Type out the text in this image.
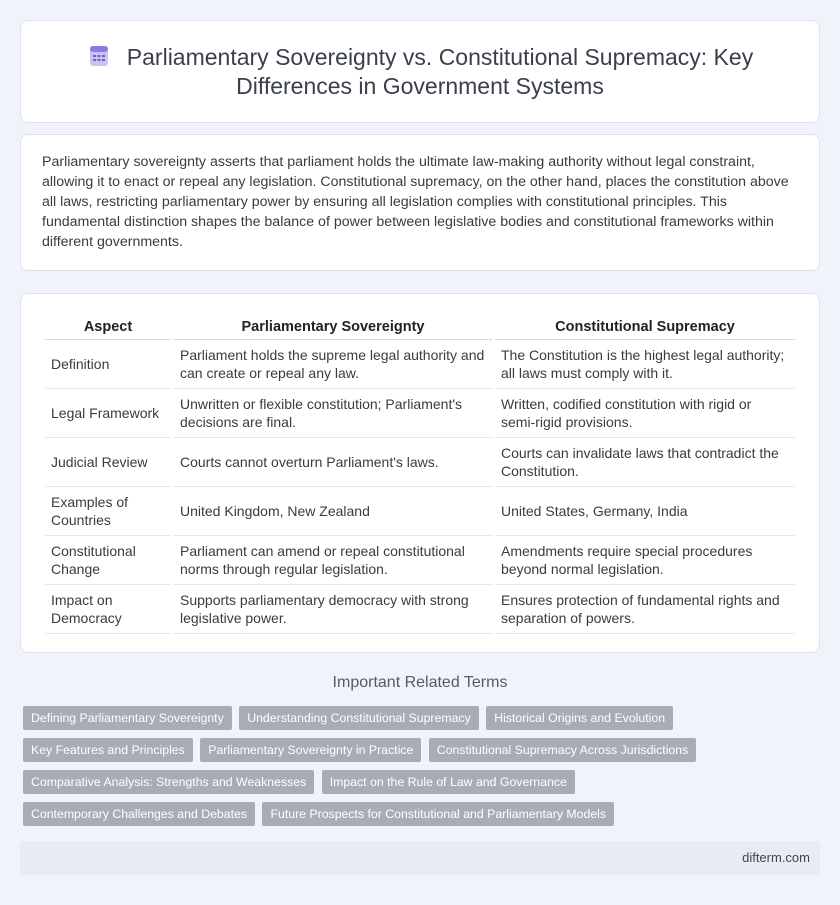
Parliamentary Sovereignty vs. Constitutional Supremacy: Key Differences in Government Systems

Parliamentary sovereignty asserts that parliament holds the ultimate law-making authority without legal constraint, allowing it to enact or repeal any legislation. Constitutional supremacy, on the other hand, places the constitution above all laws, restricting parliamentary power by ensuring all legislation complies with constitutional principles. This fundamental distinction shapes the balance of power between legislative bodies and constitutional frameworks within different governments.

Aspect	Parliamentary Sovereignty	Constitutional Supremacy
Definition	Parliament holds the supreme legal authority and can create or repeal any law.	The Constitution is the highest legal authority; all laws must comply with it.
Legal Framework	Unwritten or flexible constitution; Parliament's decisions are final.	Written, codified constitution with rigid or semi-rigid provisions.
Judicial Review	Courts cannot overturn Parliament's laws.	Courts can invalidate laws that contradict the Constitution.
Examples of Countries	United Kingdom, New Zealand	United States, Germany, India
Constitutional Change	Parliament can amend or repeal constitutional norms through regular legislation.	Amendments require special procedures beyond normal legislation.
Impact on Democracy	Supports parliamentary democracy with strong legislative power.	Ensures protection of fundamental rights and separation of powers.
Important Related Terms
Defining Parliamentary Sovereignty Understanding Constitutional Supremacy Historical Origins and Evolution Key Features and Principles Parliamentary Sovereignty in Practice Constitutional Supremacy Across Jurisdictions Comparative Analysis: Strengths and Weaknesses Impact on the Rule of Law and Governance Contemporary Challenges and Debates Future Prospects for Constitutional and Parliamentary Models
difterm.com
